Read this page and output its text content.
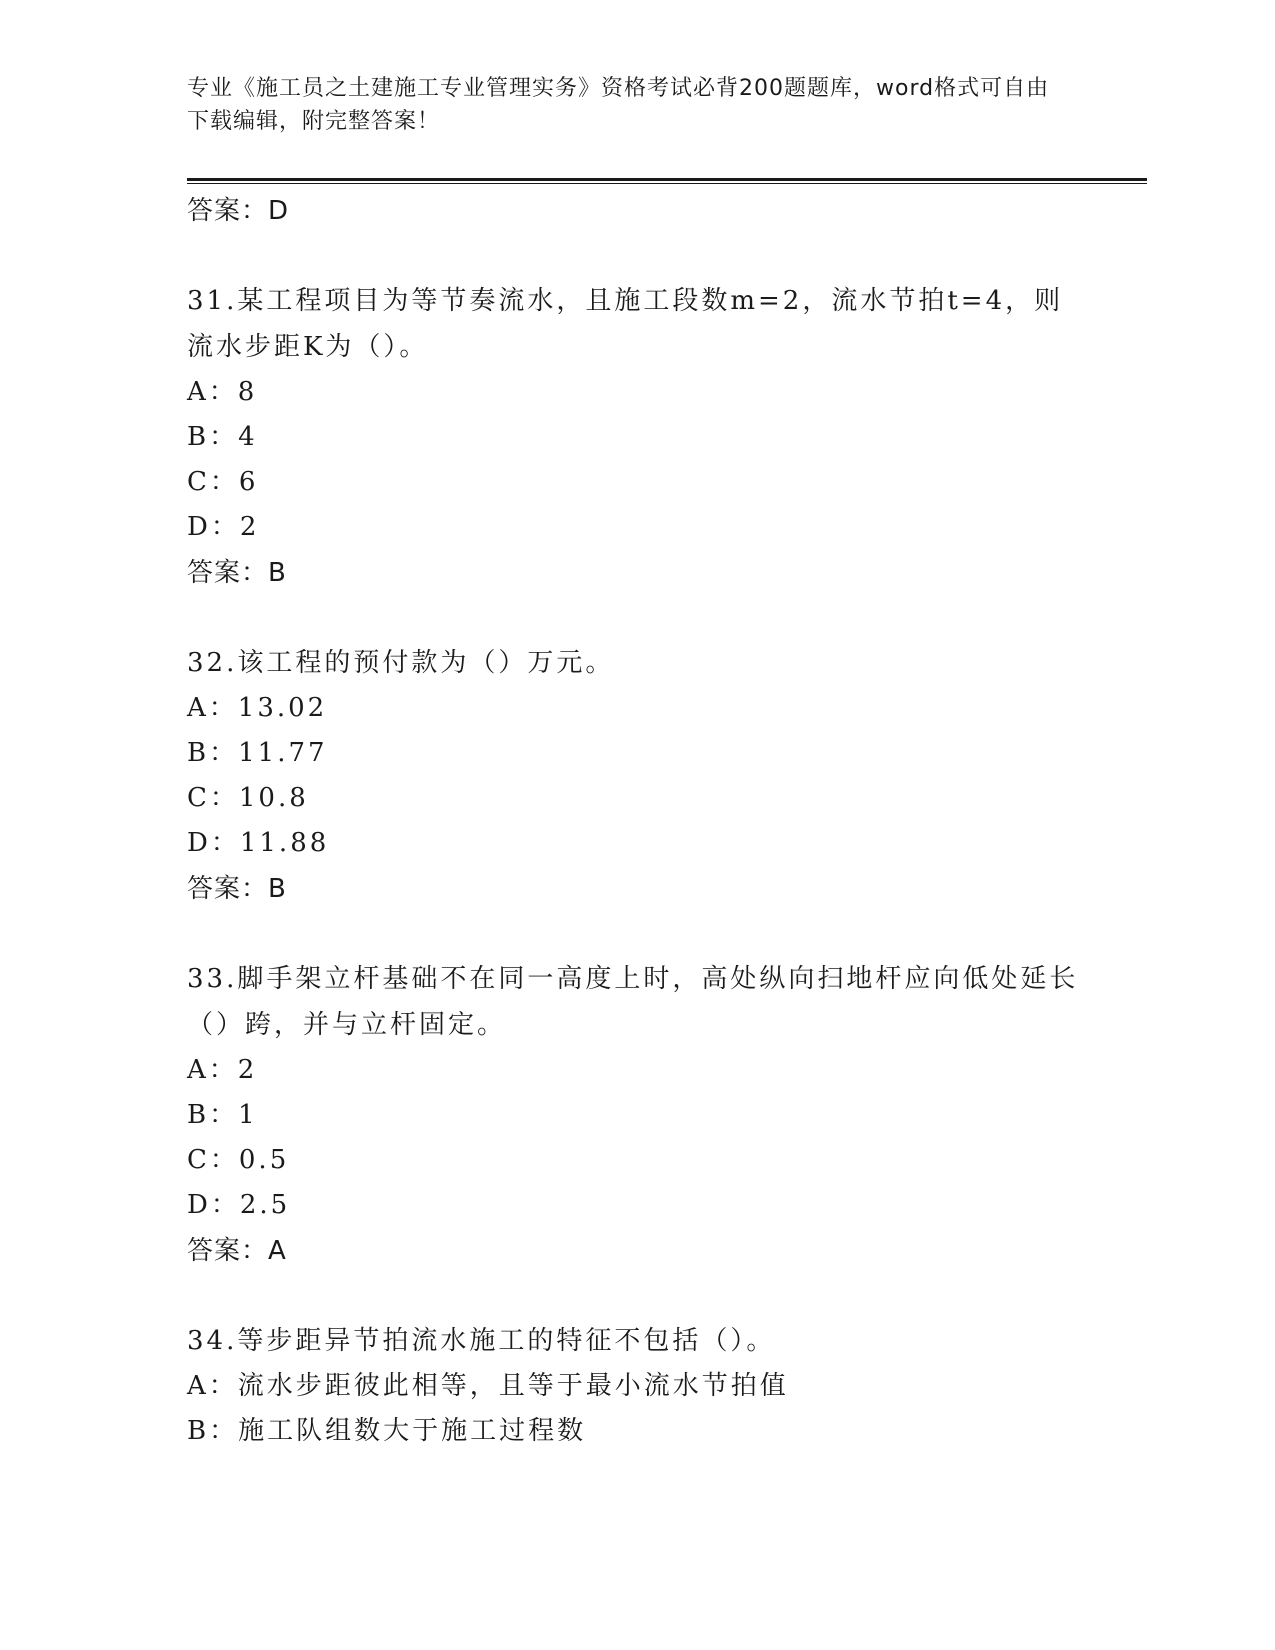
专业《施工员之土建施工专业管理实务》资格考试必背200题题库，word格式可自由下载编辑，附完整答案！
答案：D
31.某工程项目为等节奏流水，且施工段数m=2，流水节拍t=4，则流水步距K为（）。
A：8
B：4
C：6
D：2
答案：B
32.该工程的预付款为（）万元。
A：13.02
B：11.77
C：10.8
D：11.88
答案：B
33.脚手架立杆基础不在同一高度上时，高处纵向扫地杆应向低处延长（）跨，并与立杆固定。
A：2
B：1
C：0.5
D：2.5
答案：A
34.等步距异节拍流水施工的特征不包括（）。
A：流水步距彼此相等，且等于最小流水节拍值
B：施工队组数大于施工过程数
